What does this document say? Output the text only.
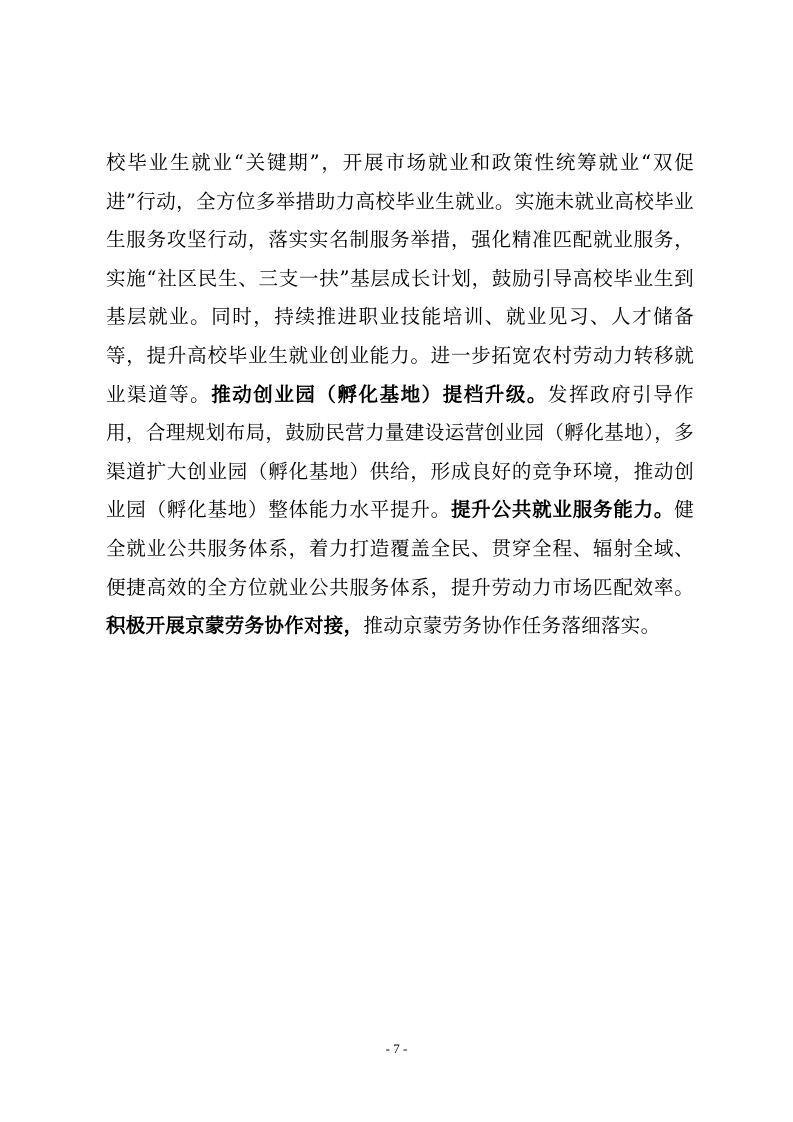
校毕业生就业“关键期”，开展市场就业和政策性统筹就业“双促进”行动，全方位多举措助力高校毕业生就业。实施未就业高校毕业生服务攻坚行动，落实实名制服务举措，强化精准匹配就业服务，实施“社区民生、三支一扶”基层成长计划，鼓励引导高校毕业生到基层就业。同时，持续推进职业技能培训、就业见习、人才储备等，提升高校毕业生就业创业能力。进一步拓宽农村劳动力转移就业渠道等。推动创业园（孵化基地）提档升级。发挥政府引导作用，合理规划布局，鼓励民营力量建设运营创业园（孵化基地），多渠道扩大创业园（孵化基地）供给，形成良好的竞争环境，推动创业园（孵化基地）整体能力水平提升。提升公共就业服务能力。健全就业公共服务体系，着力打造覆盖全民、贯穿全程、辐射全域、便捷高效的全方位就业公共服务体系，提升劳动力市场匹配效率。积极开展京蒙劳务协作对接，推动京蒙劳务协作任务落细落实。

- 7 -
